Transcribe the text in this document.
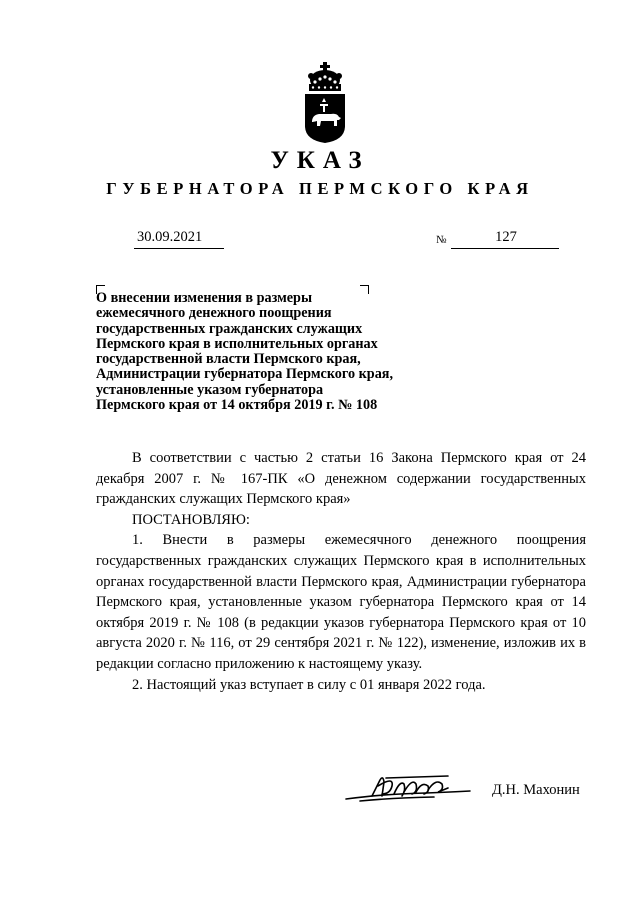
УКАЗ
ГУБЕРНАТОРА ПЕРМСКОГО КРАЯ
30.09.2021	№	127
О внесении изменения в размеры
ежемесячного денежного поощрения
государственных гражданских служащих
Пермского края в исполнительных органах
государственной власти Пермского края,
Администрации губернатора Пермского края,
установленные указом губернатора
Пермского края от 14 октября 2019 г. № 108

В соответствии с частью 2 статьи 16 Закона Пермского края от 24 декабря 2007 г. № 167-ПК «О денежном содержании государственных гражданских служащих Пермского края»

ПОСТАНОВЛЯЮ:

1. Внести в размеры ежемесячного денежного поощрения государственных гражданских служащих Пермского края в исполнительных органах государственной власти Пермского края, Администрации губернатора Пермского края, установленные указом губернатора Пермского края от 14 октября 2019 г. № 108 (в редакции указов губернатора Пермского края от 10 августа 2020 г. № 116, от 29 сентября 2021 г. № 122), изменение, изложив их в редакции согласно приложению к настоящему указу.

2. Настоящий указ вступает в силу с 01 января 2022 года.

Д.Н. Махонин
